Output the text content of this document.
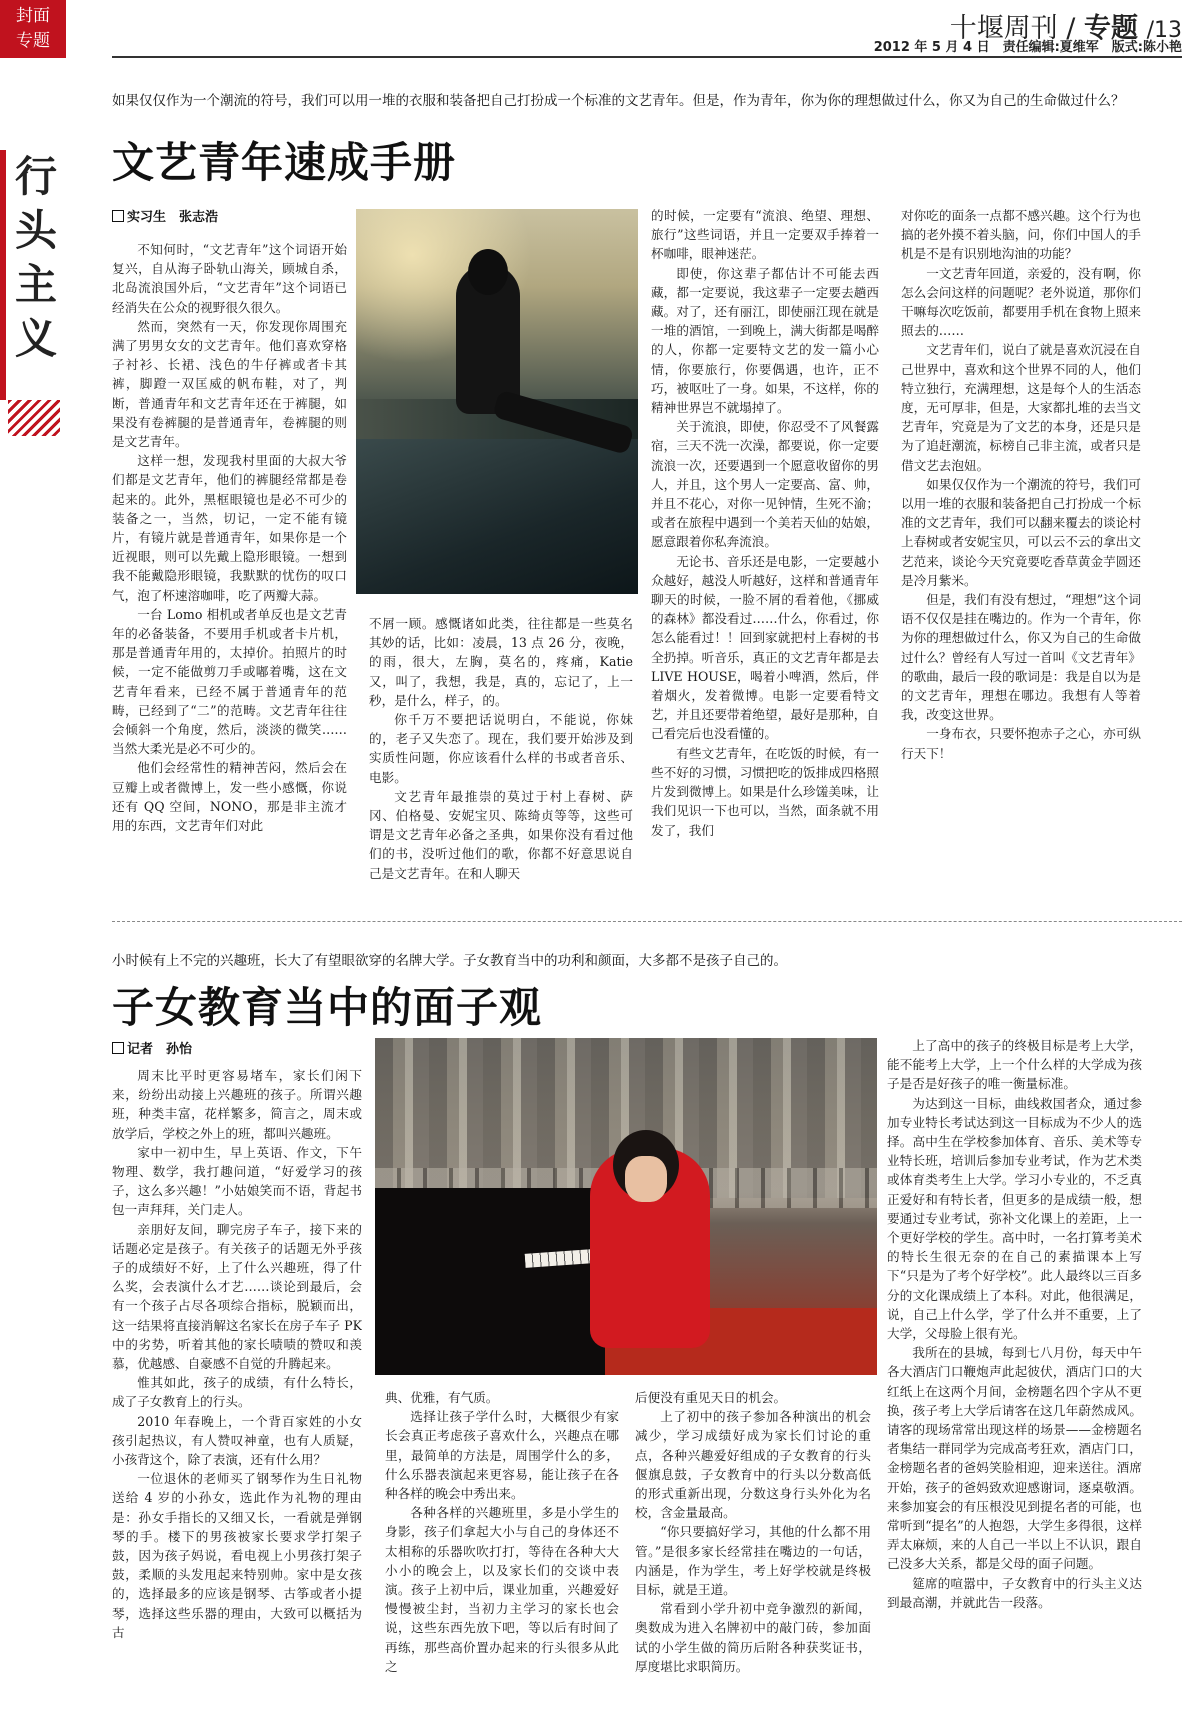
封面
专题
行头主义
十堰周刊 / 专题 /13
2012 年 5 月 4 日　责任编辑:夏维军　版式:陈小艳
如果仅仅作为一个潮流的符号，我们可以用一堆的衣服和装备把自己打扮成一个标准的文艺青年。但是，作为青年，你为你的理想做过什么，你又为自己的生命做过什么？
文艺青年速成手册
实习生　张志浩

不知何时，“文艺青年”这个词语开始复兴，自从海子卧轨山海关，顾城自杀，北岛流浪国外后，“文艺青年”这个词语已经消失在公众的视野很久很久。

然而，突然有一天，你发现你周围充满了男男女女的文艺青年。他们喜欢穿格子衬衫、长裙、浅色的牛仔裤或者卡其裤，脚蹬一双匡威的帆布鞋，对了，判断，普通青年和文艺青年还在于裤腿，如果没有卷裤腿的是普通青年，卷裤腿的则是文艺青年。

这样一想，发现我村里面的大叔大爷们都是文艺青年，他们的裤腿经常都是卷起来的。此外，黑框眼镜也是必不可少的装备之一，当然，切记，一定不能有镜片，有镜片就是普通青年，如果你是一个近视眼，则可以先戴上隐形眼镜。一想到我不能戴隐形眼镜，我默默的忧伤的叹口气，泡了杯速溶咖啡，吃了两瓣大蒜。

一台 Lomo 相机或者单反也是文艺青年的必备装备，不要用手机或者卡片机，那是普通青年用的，太掉价。拍照片的时候，一定不能做剪刀手或嘟着嘴，这在文艺青年看来，已经不属于普通青年的范畴，已经到了“二”的范畴。文艺青年往往会倾斜一个角度，然后，淡淡的微笑……当然大柔光是必不可少的。

他们会经常性的精神苦闷，然后会在豆瓣上或者微博上，发一些小感慨，你说还有 QQ 空间，NONO，那是非主流才用的东西，文艺青年们对此

不屑一顾。感慨诸如此类，往往都是一些莫名其妙的话，比如：凌晨，13 点 26 分，夜晚，的雨，很大，左胸，莫名的，疼痛，Katie 又，叫了，我想，我是，真的，忘记了，上一秒，是什么，样子，的。

你千万不要把话说明白，不能说，你妹的，老子又失恋了。现在，我们要开始涉及到实质性问题，你应该看什么样的书或者音乐、电影。

文艺青年最推崇的莫过于村上春树、萨冈、伯格曼、安妮宝贝、陈绮贞等等，这些可谓是文艺青年必备之圣典，如果你没有看过他们的书，没听过他们的歌，你都不好意思说自己是文艺青年。在和人聊天

的时候，一定要有“流浪、绝望、理想、旅行”这些词语，并且一定要双手捧着一杯咖啡，眼神迷茫。

即使，你这辈子都估计不可能去西藏，都一定要说，我这辈子一定要去趟西藏。对了，还有丽江，即使丽江现在就是一堆的酒馆，一到晚上，满大街都是喝醉的人，你都一定要特文艺的发一篇小心情，你要旅行，你要偶遇，也许，正不巧，被呕吐了一身。如果，不这样，你的精神世界岂不就塌掉了。

关于流浪，即使，你忍受不了风餐露宿，三天不洗一次澡，都要说，你一定要流浪一次，还要遇到一个愿意收留你的男人，并且，这个男人一定要高、富、帅，并且不花心，对你一见钟情，生死不渝；或者在旅程中遇到一个美若天仙的姑娘，愿意跟着你私奔流浪。

无论书、音乐还是电影，一定要越小众越好，越没人听越好，这样和普通青年聊天的时候，一脸不屑的看着他，《挪威的森林》都没看过……什么，你看过，你怎么能看过！！回到家就把村上春树的书全扔掉。听音乐，真正的文艺青年都是去 LIVE HOUSE，喝着小啤酒，然后，伴着烟火，发着微博。电影一定要看特文艺，并且还要带着绝望，最好是那种，自己看完后也没看懂的。

有些文艺青年，在吃饭的时候，有一些不好的习惯，习惯把吃的饭排成四格照片发到微博上。如果是什么珍馐美味，让我们见识一下也可以，当然，面条就不用发了，我们

对你吃的面条一点都不感兴趣。这个行为也搞的老外摸不着头脑，问，你们中国人的手机是不是有识别地沟油的功能？

一文艺青年回道，亲爱的，没有啊，你怎么会问这样的问题呢？老外说道，那你们干嘛每次吃饭前，都要用手机在食物上照来照去的……

文艺青年们，说白了就是喜欢沉浸在自己世界中，喜欢和这个世界不同的人，他们特立独行，充满理想，这是每个人的生活态度，无可厚非，但是，大家都扎堆的去当文艺青年，究竟是为了文艺的本身，还是只是为了追赶潮流，标榜自己非主流，或者只是借文艺去泡妞。

如果仅仅作为一个潮流的符号，我们可以用一堆的衣服和装备把自己打扮成一个标准的文艺青年，我们可以翻来覆去的谈论村上春树或者安妮宝贝，可以云不云的拿出文艺范来，谈论今天究竟要吃香草黄金芋圆还是冷月紫米。

但是，我们有没有想过，“理想”这个词语不仅仅是挂在嘴边的。作为一个青年，你为你的理想做过什么，你又为自己的生命做过什么？曾经有人写过一首叫《文艺青年》的歌曲，最后一段的歌词是：我是自以为是的文艺青年，理想在哪边。我想有人等着我，改变这世界。

一身布衣，只要怀抱赤子之心，亦可纵行天下！

小时候有上不完的兴趣班，长大了有望眼欲穿的名牌大学。子女教育当中的功利和颜面，大多都不是孩子自己的。
子女教育当中的面子观
记者　孙怡

周末比平时更容易堵车，家长们闲下来，纷纷出动接上兴趣班的孩子。所谓兴趣班，种类丰富，花样繁多，简言之，周末或放学后，学校之外上的班，都叫兴趣班。

家中一初中生，早上英语、作文，下午物理、数学，我打趣问道，“好爱学习的孩子，这么多兴趣！”小姑娘笑而不语，背起书包一声拜拜，关门走人。

亲朋好友间，聊完房子车子，接下来的话题必定是孩子。有关孩子的话题无外乎孩子的成绩好不好，上了什么兴趣班，得了什么奖，会表演什么才艺……谈论到最后，会有一个孩子占尽各项综合指标，脱颖而出，这一结果将直接消解这名家长在房子车子 PK 中的劣势，听着其他的家长啧啧的赞叹和羡慕，优越感、自豪感不自觉的升腾起来。

惟其如此，孩子的成绩，有什么特长，成了子女教育上的行头。

2010 年春晚上，一个背百家姓的小女孩引起热议，有人赞叹神童，也有人质疑，小孩背这个，除了表演，还有什么用？

一位退休的老师买了钢琴作为生日礼物送给 4 岁的小孙女，选此作为礼物的理由是：孙女手指长的又细又长，一看就是弹钢琴的手。楼下的男孩被家长要求学打架子鼓，因为孩子妈说，看电视上小男孩打架子鼓，柔顺的头发甩起来特别帅。家中是女孩的，选择最多的应该是钢琴、古筝或者小提琴，选择这些乐器的理由，大致可以概括为古

典、优雅，有气质。

选择让孩子学什么时，大概很少有家长会真正考虑孩子喜欢什么，兴趣点在哪里，最简单的方法是，周围学什么的多，什么乐器表演起来更容易，能让孩子在各种各样的晚会中秀出来。

各种各样的兴趣班里，多是小学生的身影，孩子们拿起大小与自己的身体还不太相称的乐器吹吹打打，等待在各种大大小小的晚会上，以及家长们的交谈中表演。孩子上初中后，课业加重，兴趣爱好慢慢被尘封，当初力主学习的家长也会说，这些东西先放下吧，等以后有时间了再练，那些高价置办起来的行头很多从此之

后便没有重见天日的机会。

上了初中的孩子参加各种演出的机会减少，学习成绩好成为家长们讨论的重点，各种兴趣爱好组成的子女教育的行头偃旗息鼓，子女教育中的行头以分数高低的形式重新出现，分数这身行头外化为名校，含金量最高。

“你只要搞好学习，其他的什么都不用管。”是很多家长经常挂在嘴边的一句话，内涵是，作为学生，考上好学校就是终极目标，就是王道。

常看到小学升初中竞争激烈的新闻，奥数成为进入名牌初中的敲门砖，参加面试的小学生做的简历后附各种获奖证书，厚度堪比求职简历。

上了高中的孩子的终极目标是考上大学，能不能考上大学，上一个什么样的大学成为孩子是否是好孩子的唯一衡量标准。

为达到这一目标，曲线救国者众，通过参加专业特长考试达到这一目标成为不少人的选择。高中生在学校参加体育、音乐、美术等专业特长班，培训后参加专业考试，作为艺术类或体育类考生上大学。学习小专业的，不乏真正爱好和有特长者，但更多的是成绩一般，想要通过专业考试，弥补文化课上的差距，上一个更好学校的学生。高中时，一名打算考美术的特长生很无奈的在自己的素描课本上写下“只是为了考个好学校”。此人最终以三百多分的文化课成绩上了本科。对此，他很满足，说，自己上什么学，学了什么并不重要，上了大学，父母脸上很有光。

我所在的县城，每到七八月份，每天中午各大酒店门口鞭炮声此起彼伏，酒店门口的大红纸上在这两个月间，金榜题名四个字从不更换，孩子考上大学后请客在这几年蔚然成风。请客的现场常常出现这样的场景——金榜题名者集结一群同学为完成高考狂欢，酒店门口，金榜题名者的爸妈笑脸相迎，迎来送往。酒席开始，孩子的爸妈致欢迎感谢词，逐桌敬酒。来参加宴会的有压根没见到提名者的可能，也常听到“提名”的人抱怨，大学生多得很，这样弄太麻烦，来的人自己一半以上不认识，跟自己没多大关系，都是父母的面子问题。

筵席的喧嚣中，子女教育中的行头主义达到最高潮，并就此告一段落。
